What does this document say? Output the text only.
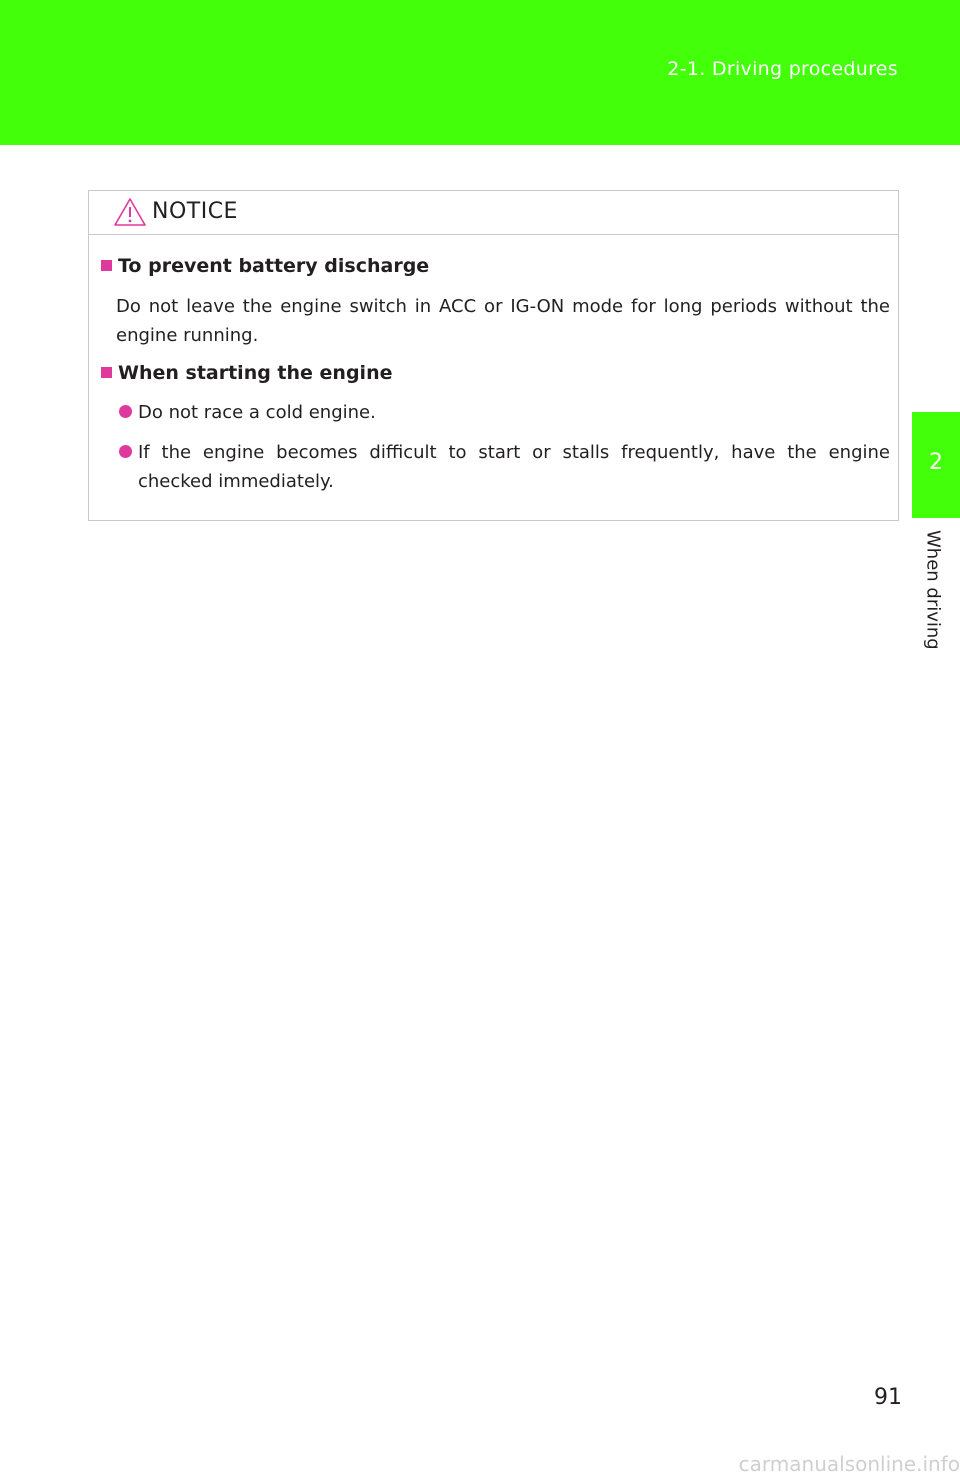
2-1. Driving procedures
2
When driving
NOTICE
To prevent battery discharge
Do not leave the engine switch in ACC or IG-ON mode for long periods without the engine running.
When starting the engine
Do not race a cold engine.
If the engine becomes difficult to start or stalls frequently, have the engine checked immediately.
91
carmanualsonline.info
